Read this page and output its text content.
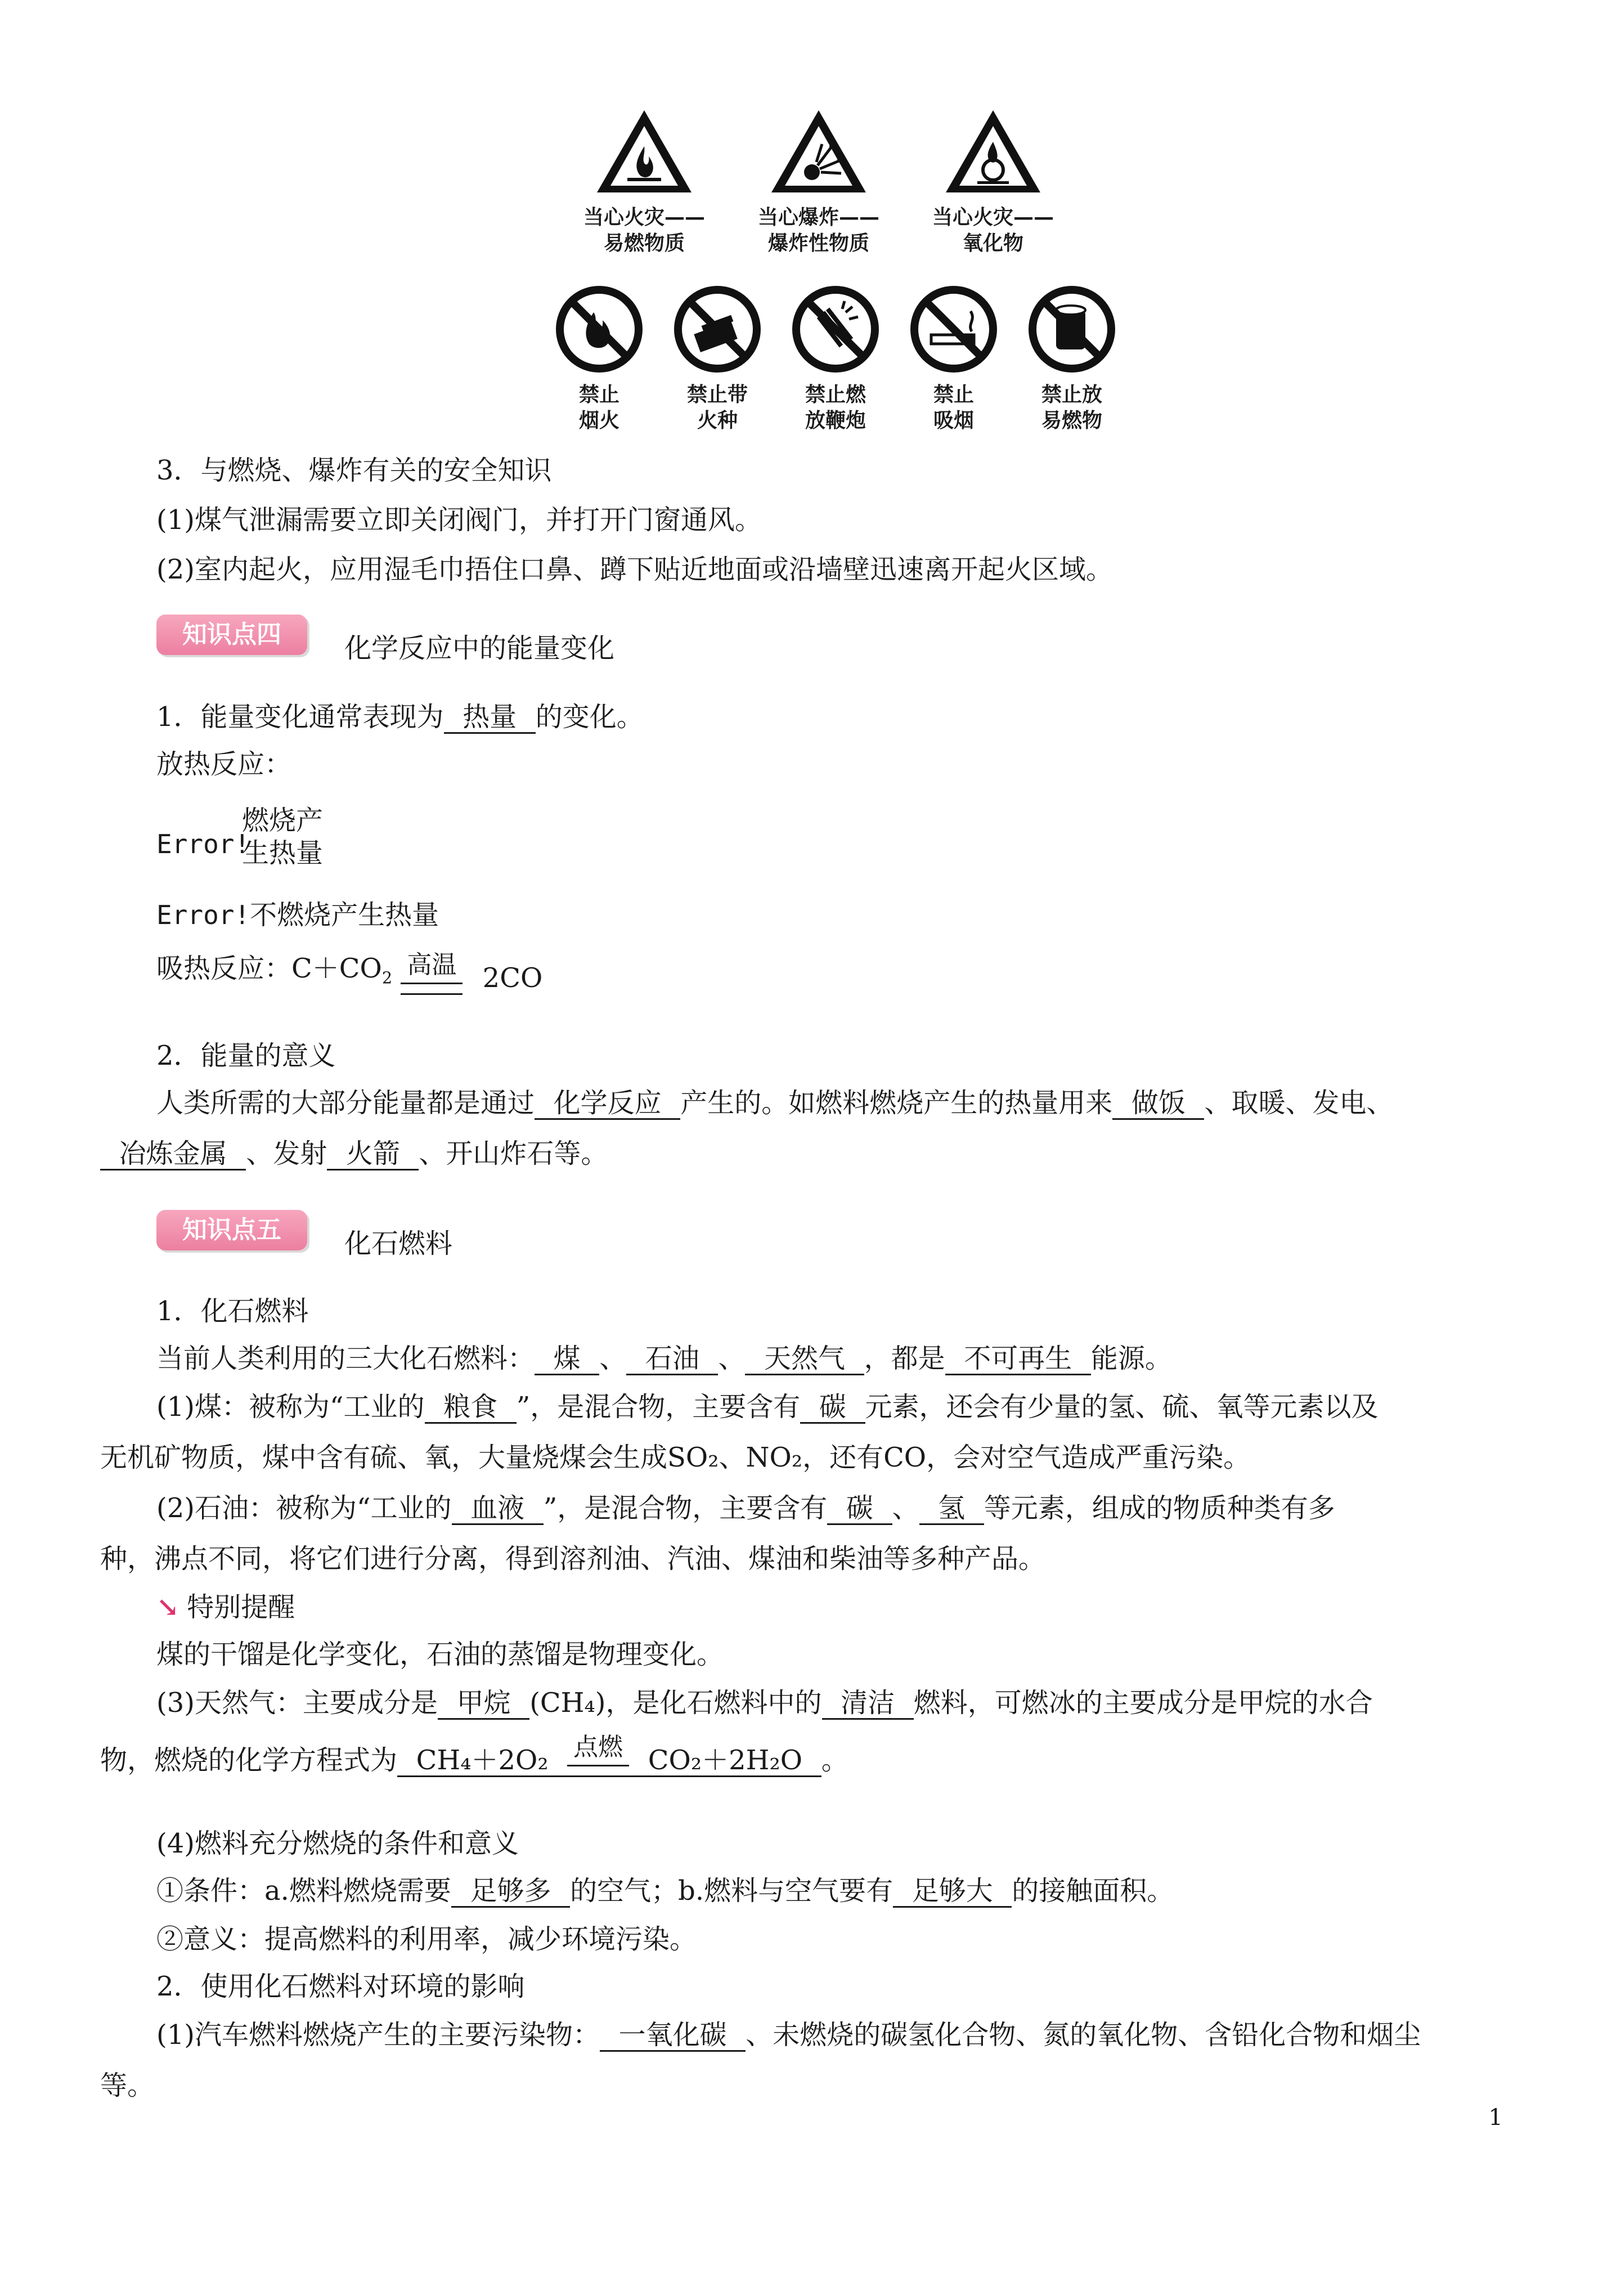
当心火灾——
易燃物质
当心爆炸——
爆炸性物质
当心火灾——
氧化物
禁止
烟火
禁止带
火种
禁止燃
放鞭炮
禁止
吸烟
禁止放
易燃物
3．与燃烧、爆炸有关的安全知识
(1)煤气泄漏需要立即关闭阀门，并打开门窗通风。
(2)室内起火，应用湿毛巾捂住口鼻、蹲下贴近地面或沿墙壁迅速离开起火区域。
知识点四	化学反应中的能量变化
1．能量变化通常表现为 热量 的变化。
放热反应：
Error!
燃烧产
生热量
Error!不燃烧产生热量
吸热反应：$C+CO_2$ 高温 2CO
2．能量的意义
人类所需的大部分能量都是通过 化学反应 产生的。如燃料燃烧产生的热量用来 做饭 、取暖、发电、
冶炼金属 、发射 火箭 、开山炸石等。
知识点五	化石燃料
1．化石燃料
当前人类利用的三大化石燃料： 煤 、 石油 、 天然气 ，都是 不可再生 能源。
(1)煤：被称为“工业的 粮食 ”，是混合物，主要含有 碳 元素，还会有少量的氢、硫、氧等元素以及
无机矿物质，煤中含有硫、氧，大量烧煤会生成SO₂、NO₂，还有CO，会对空气造成严重污染。
(2)石油：被称为“工业的 血液 ”，是混合物，主要含有 碳 、 氢 等元素，组成的物质种类有多
种，沸点不同，将它们进行分离，得到溶剂油、汽油、煤油和柴油等多种产品。
↘ 特别提醒
煤的干馏是化学变化，石油的蒸馏是物理变化。
(3)天然气：主要成分是 甲烷 (CH₄)，是化石燃料中的 清洁 燃料，可燃冰的主要成分是甲烷的水合
物，燃烧的化学方程式为 CH₄＋2O₂ 点燃 CO₂＋2H₂O 。
(4)燃料充分燃烧的条件和意义
①条件：a.燃料燃烧需要 足够多 的空气；b.燃料与空气要有 足够大 的接触面积。
②意义：提高燃料的利用率，减少环境污染。
2．使用化石燃料对环境的影响
(1)汽车燃料燃烧产生的主要污染物： 一氧化碳 、未燃烧的碳氢化合物、氮的氧化物、含铅化合物和烟尘
等。
1
